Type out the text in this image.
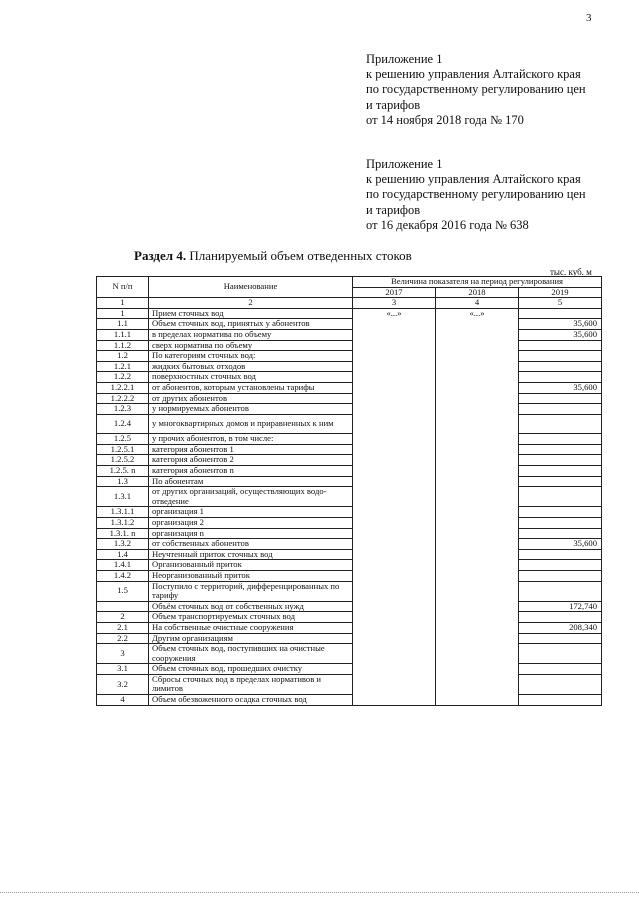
3
Приложение 1
к решению управления Алтайского края
по государственному регулированию цен
и тарифов
от 14 ноября 2018 года № 170
Приложение 1
к решению управления Алтайского края
по государственному регулированию цен
и тарифов
от 16 декабря 2016 года № 638
Раздел 4. Планируемый объем отведенных стоков
тыс. куб. м
N п/п	Наименование	Величина показателя на период регулирования		
		2017	2018	2019
1	2	3	4	5
1	Прием сточных вод	«...»	«...»	
1.1	Объем сточных вод, принятых у абонентов			35,600
1.1.1	в пределах норматива по объему			35,600
1.1.2	сверх норматива по объему			
1.2	По категориям сточных вод:			
1.2.1	жидких бытовых отходов			
1.2.2	поверхностных сточных вод			
1.2.2.1	от абонентов, которым установлены тарифы			35,600
1.2.2.2	от других абонентов			
1.2.3	у нормируемых абонентов			
1.2.4	у многоквартирных домов и приравненных к ним			
1.2.5	у прочих абонентов, в том числе:			
1.2.5.1	категория абонентов 1			
1.2.5.2	категория абонентов 2			
1.2.5. n	категория абонентов n			
1.3	По абонентам			
1.3.1	от других организаций, осуществляющих водо-отведение			
1.3.1.1	организация 1			
1.3.1.2	организация 2			
1.3.1. n	организация n			
1.3.2	от собственных абонентов			35,600
1.4	Неучтенный приток сточных вод			
1.4.1	Организованный приток			
1.4.2	Неорганизованный приток			
1.5	Поступило с территорий, дифференцированных по тарифу			
	Объём сточных вод от собственных нужд			172,740
2	Объем транспортируемых сточных вод			
2.1	На собственные очистные сооружения			208,340
2.2	Другим организациям			
3	Объем сточных вод, поступивших на очистные сооружения			
3.1	Объем сточных вод, прошедших очистку			
3.2	Сбросы сточных вод в пределах нормативов и лимитов			
4	Объем обезвоженного осадка сточных вод			
